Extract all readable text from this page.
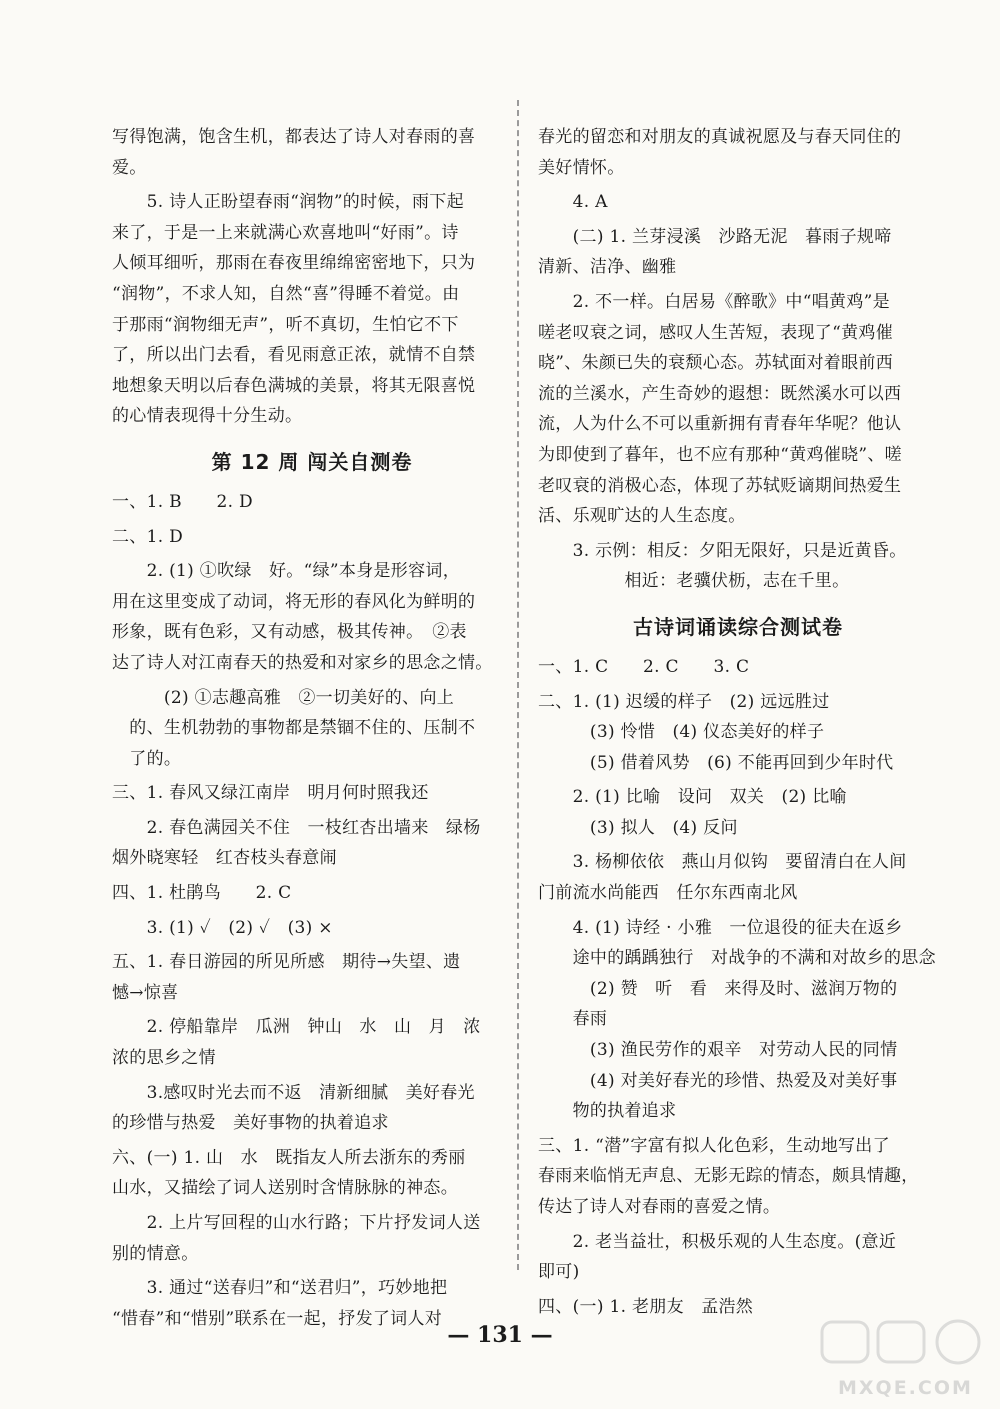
写得饱满，饱含生机，都表达了诗人对春雨的喜
爱。
　　5. 诗人正盼望春雨“润物”的时候，雨下起
来了，于是一上来就满心欢喜地叫“好雨”。诗
人倾耳细听，那雨在春夜里绵绵密密地下，只为
“润物”，不求人知，自然“喜”得睡不着觉。由
于那雨“润物细无声”，听不真切，生怕它不下
了，所以出门去看，看见雨意正浓，就情不自禁
地想象天明以后春色满城的美景，将其无限喜悦
的心情表现得十分生动。
第 12 周 闯关自测卷
一、1. B　　2. D
二、1. D
　　2. (1) ①吹绿　好。“绿”本身是形容词，
用在这里变成了动词，将无形的春风化为鲜明的
形象，既有色彩，又有动感，极其传神。　②表
达了诗人对江南春天的热爱和对家乡的思念之情。
　　　(2) ①志趣高雅　②一切美好的、向上
　的、生机勃勃的事物都是禁锢不住的、压制不
　了的。
三、1. 春风又绿江南岸　明月何时照我还
　　2. 春色满园关不住　一枝红杏出墙来　绿杨
烟外晓寒轻　红杏枝头春意闹
四、1. 杜鹃鸟　　2. C
　　3. (1) ✓　(2) ✓　(3) ×
五、1. 春日游园的所见所感　期待→失望、遗
憾→惊喜
　　2. 停船靠岸　瓜洲　钟山　水　山　月　浓
浓的思乡之情
　　3.感叹时光去而不返　清新细腻　美好春光
的珍惜与热爱　美好事物的执着追求
六、(一) 1. 山　水　既指友人所去浙东的秀丽
山水，又描绘了词人送别时含情脉脉的神态。
　　2. 上片写回程的山水行路；下片抒发词人送
别的情意。
　　3. 通过“送春归”和“送君归”，巧妙地把
“惜春”和“惜别”联系在一起，抒发了词人对
春光的留恋和对朋友的真诚祝愿及与春天同住的
美好情怀。
　　4. A
　　(二) 1. 兰芽浸溪　沙路无泥　暮雨子规啼
清新、洁净、幽雅
　　2. 不一样。白居易《醉歌》中“唱黄鸡”是
嗟老叹衰之词，感叹人生苦短，表现了“黄鸡催
晓”、朱颜已失的衰颓心态。苏轼面对着眼前西
流的兰溪水，产生奇妙的遐想：既然溪水可以西
流，人为什么不可以重新拥有青春年华呢？他认
为即使到了暮年，也不应有那种“黄鸡催晓”、嗟
老叹衰的消极心态，体现了苏轼贬谪期间热爱生
活、乐观旷达的人生态度。
　　3. 示例：相反：夕阳无限好，只是近黄昏。
　　　　　相近：老骥伏枥，志在千里。
古诗词诵读综合测试卷
一、1. C　　2. C　　3. C
二、1. (1) 迟缓的样子　(2) 远远胜过
　　　(3) 怜惜　(4) 仪态美好的样子
　　　(5) 借着风势　(6) 不能再回到少年时代
　　2. (1) 比喻　设问　双关　(2) 比喻
　　　(3) 拟人　(4) 反问
　　3. 杨柳依依　燕山月似钩　要留清白在人间
门前流水尚能西　任尔东西南北风
　　4. (1) 诗经 · 小雅　一位退役的征夫在返乡
　　途中的踽踽独行　对战争的不满和对故乡的思念
　　　(2) 赞　听　看　来得及时、滋润万物的
　　春雨
　　　(3) 渔民劳作的艰辛　对劳动人民的同情
　　　(4) 对美好春光的珍惜、热爱及对美好事
　　物的执着追求
三、1. “潜”字富有拟人化色彩，生动地写出了
春雨来临悄无声息、无影无踪的情态，颇具情趣，
传达了诗人对春雨的喜爱之情。
　　2. 老当益壮，积极乐观的人生态度。(意近
即可)
四、(一) 1. 老朋友　孟浩然
— 131 —
MXQE.COM
